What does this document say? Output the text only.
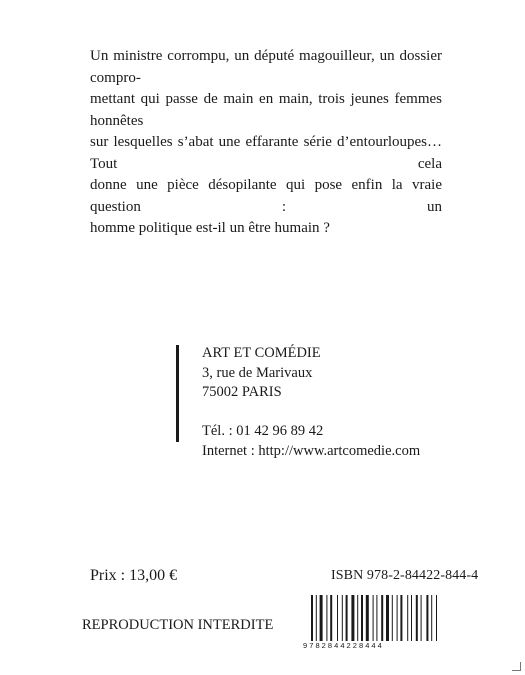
Un ministre corrompu, un député magouilleur, un dossier compro-
mettant qui passe de main en main, trois jeunes femmes honnêtes
sur lesquelles s’abat une effarante série d’entourloupes… Tout cela
donne une pièce désopilante qui pose enfin la vraie question : un
homme politique est-il un être humain ?
ART ET COMÉDIE
3, rue de Marivaux
75002 PARIS
Tél. : 01 42 96 89 42
Internet : http://www.artcomedie.com
Prix : 13,00 €	ISBN 978-2-84422-844-4
REPRODUCTION INTERDITE
9782844228444
